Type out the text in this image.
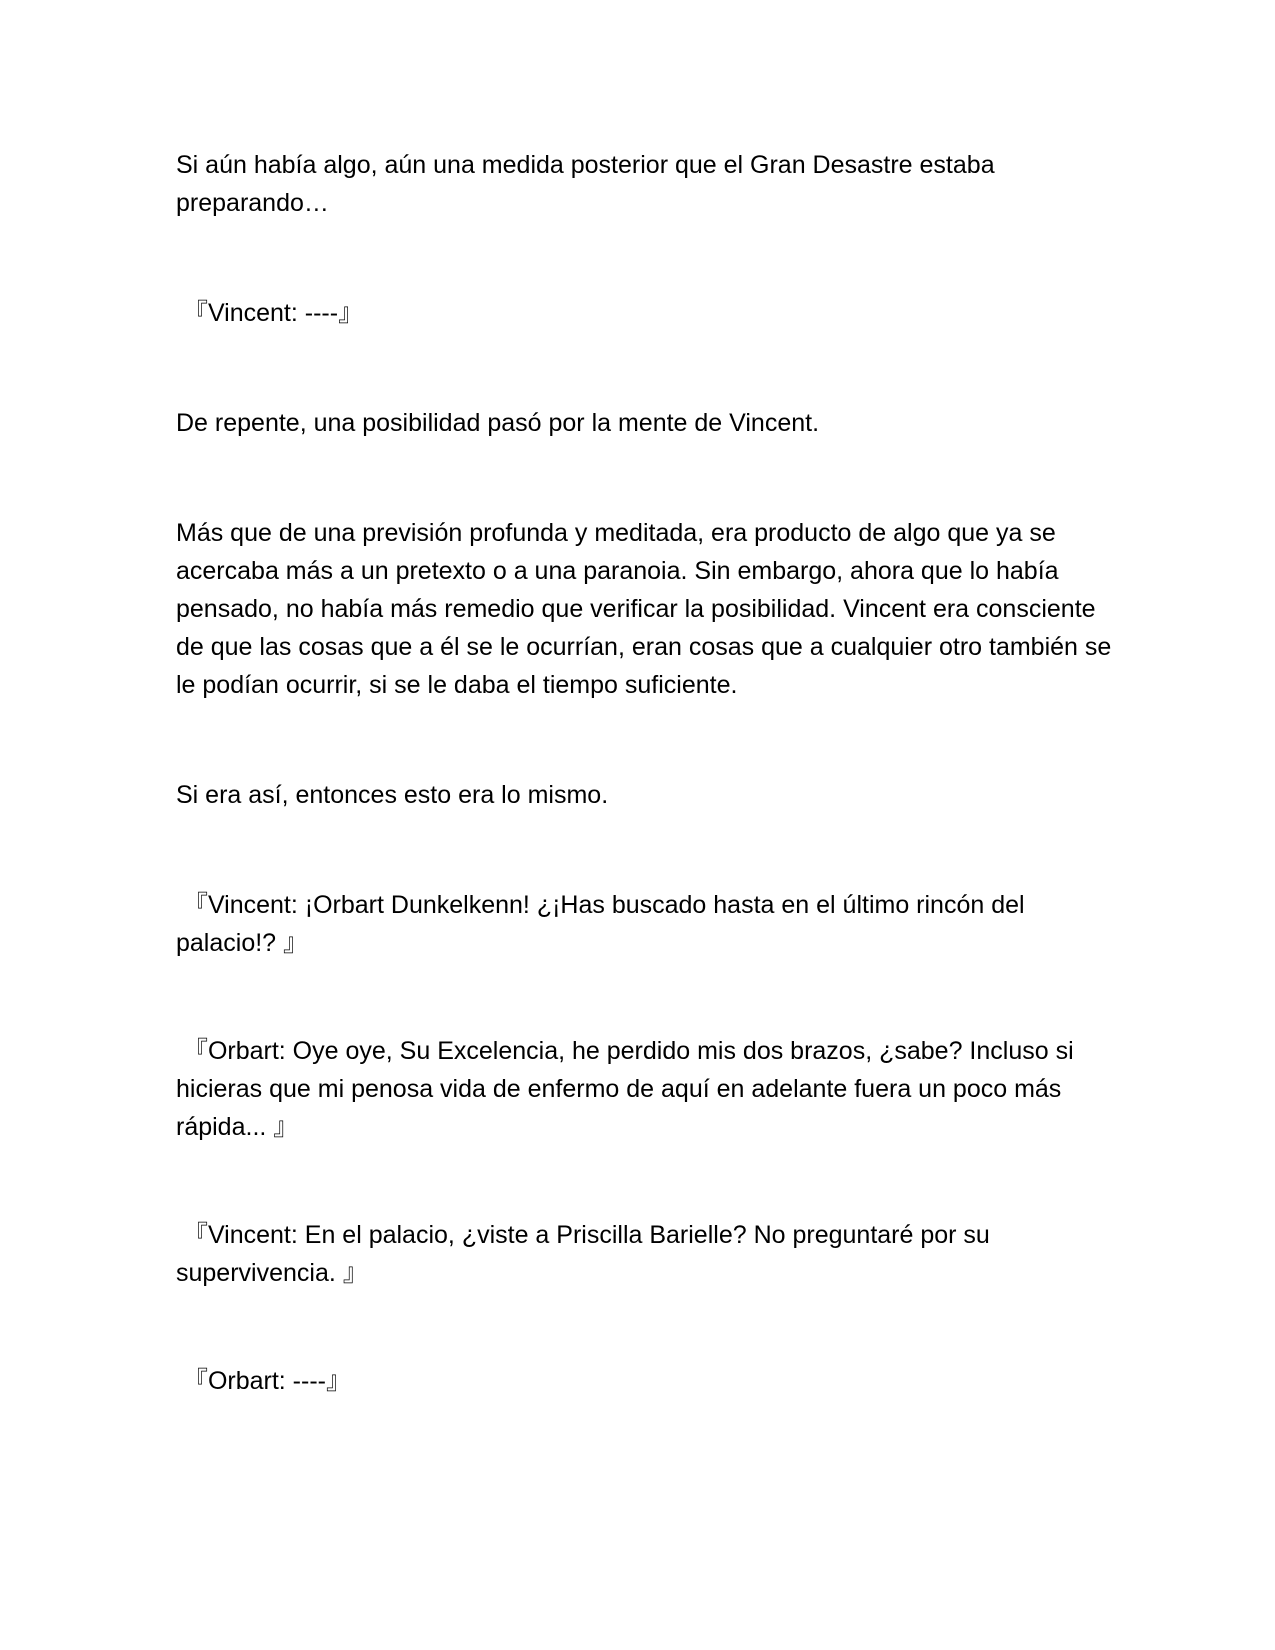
Si aún había algo, aún una medida posterior que el Gran Desastre estaba preparando…

『Vincent: ----』

De repente, una posibilidad pasó por la mente de Vincent.

Más que de una previsión profunda y meditada, era producto de algo que ya se acercaba más a un pretexto o a una paranoia. Sin embargo, ahora que lo había pensado, no había más remedio que verificar la posibilidad. Vincent era consciente de que las cosas que a él se le ocurrían, eran cosas que a cualquier otro también se le podían ocurrir, si se le daba el tiempo suficiente.

Si era así, entonces esto era lo mismo.

『Vincent: ¡Orbart Dunkelkenn! ¿¡Has buscado hasta en el último rincón del palacio!? 』

『Orbart: Oye oye, Su Excelencia, he perdido mis dos brazos, ¿sabe? Incluso si hicieras que mi penosa vida de enfermo de aquí en adelante fuera un poco más rápida... 』

『Vincent: En el palacio, ¿viste a Priscilla Barielle? No preguntaré por su supervivencia. 』

『Orbart: ----』
